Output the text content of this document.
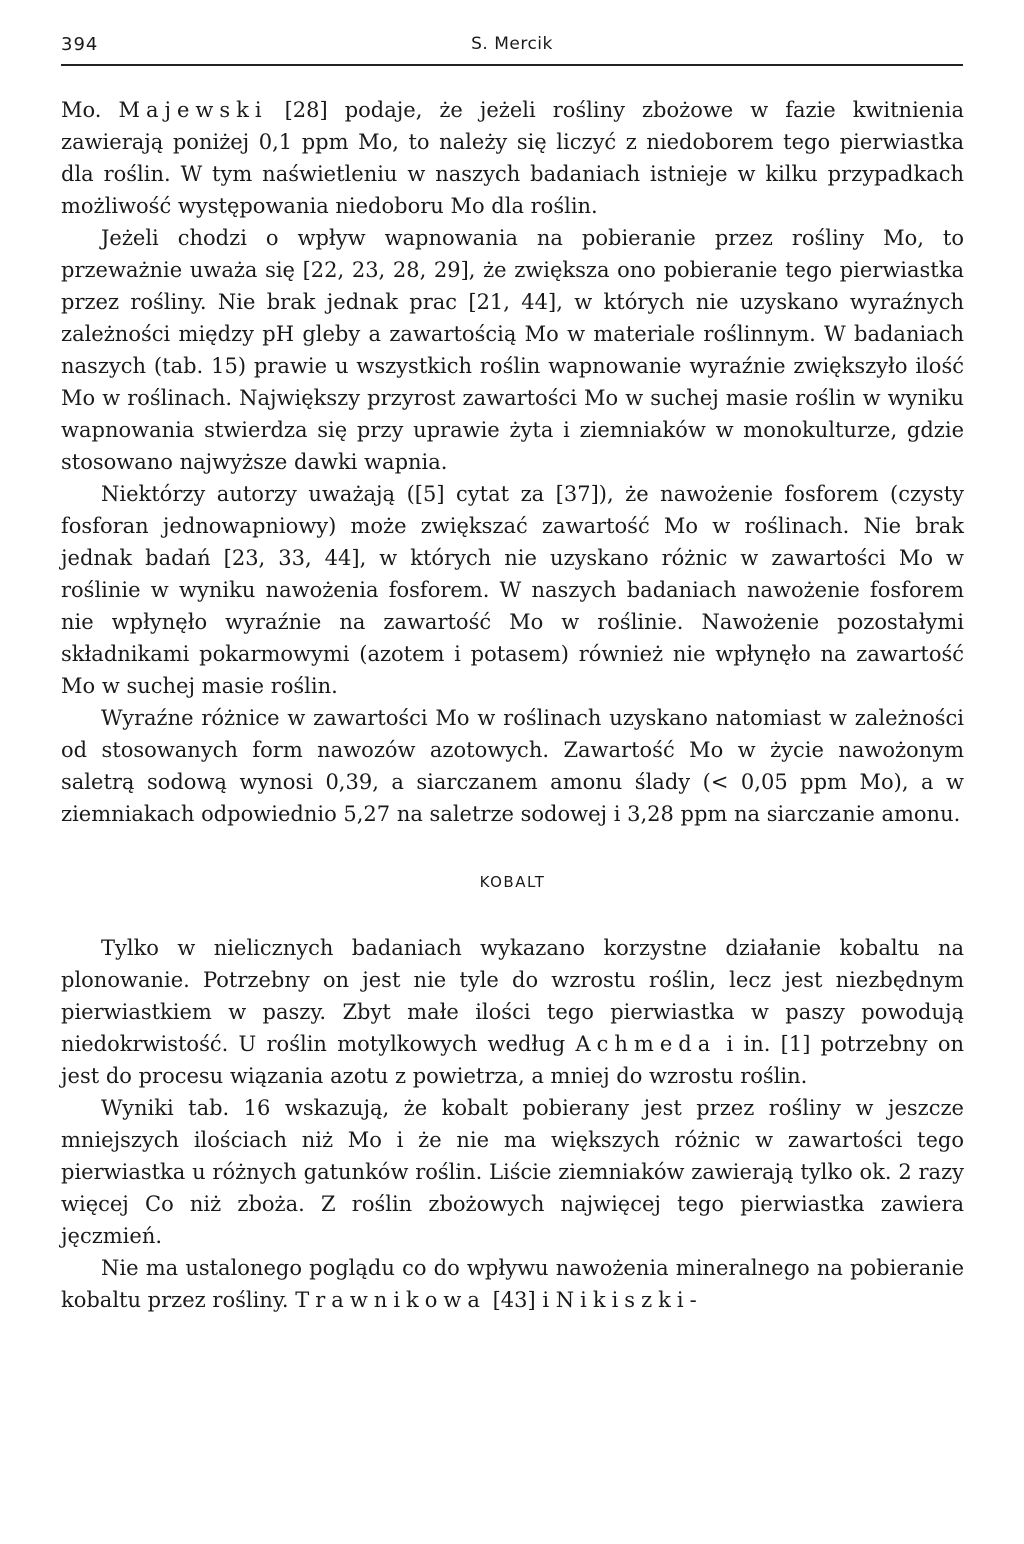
394	S. Mercik

Mo. Majewski [28] podaje, że jeżeli rośliny zbożowe w fazie kwitnienia zawierają poniżej 0,1 ppm Mo, to należy się liczyć z niedoborem tego pierwiastka dla roślin. W tym naświetleniu w naszych badaniach istnieje w kilku przypadkach możliwość występowania niedoboru Mo dla roślin.

Jeżeli chodzi o wpływ wapnowania na pobieranie przez rośliny Mo, to przeważnie uważa się [22, 23, 28, 29], że zwiększa ono pobieranie tego pierwiastka przez rośliny. Nie brak jednak prac [21, 44], w których nie uzyskano wyraźnych zależności między pH gleby a zawartością Mo w materiale roślinnym. W badaniach naszych (tab. 15) prawie u wszystkich roślin wapnowanie wyraźnie zwiększyło ilość Mo w roślinach. Największy przyrost zawartości Mo w suchej masie roślin w wyniku wapnowania stwierdza się przy uprawie żyta i ziemniaków w monokulturze, gdzie stosowano najwyższe dawki wapnia.

Niektórzy autorzy uważają ([5] cytat za [37]), że nawożenie fosforem (czysty fosforan jednowapniowy) może zwiększać zawartość Mo w roślinach. Nie brak jednak badań [23, 33, 44], w których nie uzyskano różnic w zawartości Mo w roślinie w wyniku nawożenia fosforem. W naszych badaniach nawożenie fosforem nie wpłynęło wyraźnie na zawartość Mo w roślinie. Nawożenie pozostałymi składnikami pokarmowymi (azotem i potasem) również nie wpłynęło na zawartość Mo w suchej masie roślin.

Wyraźne różnice w zawartości Mo w roślinach uzyskano natomiast w zależności od stosowanych form nawozów azotowych. Zawartość Mo w życie nawożonym saletrą sodową wynosi 0,39, a siarczanem amonu ślady (< 0,05 ppm Mo), a w ziemniakach odpowiednio 5,27 na saletrze sodowej i 3,28 ppm na siarczanie amonu.

KOBALT

Tylko w nielicznych badaniach wykazano korzystne działanie kobaltu na plonowanie. Potrzebny on jest nie tyle do wzrostu roślin, lecz jest niezbędnym pierwiastkiem w paszy. Zbyt małe ilości tego pierwiastka w paszy powodują niedokrwistość. U roślin motylkowych według Achmeda i in. [1] potrzebny on jest do procesu wiązania azotu z powietrza, a mniej do wzrostu roślin.

Wyniki tab. 16 wskazują, że kobalt pobierany jest przez rośliny w jeszcze mniejszych ilościach niż Mo i że nie ma większych różnic w zawartości tego pierwiastka u różnych gatunków roślin. Liście ziemniaków zawierają tylko ok. 2 razy więcej Co niż zboża. Z roślin zbożowych najwięcej tego pierwiastka zawiera jęczmień.

Nie ma ustalonego poglądu co do wpływu nawożenia mineralnego na pobieranie kobaltu przez rośliny. Trawnikowa [43] i Nikiszki-
